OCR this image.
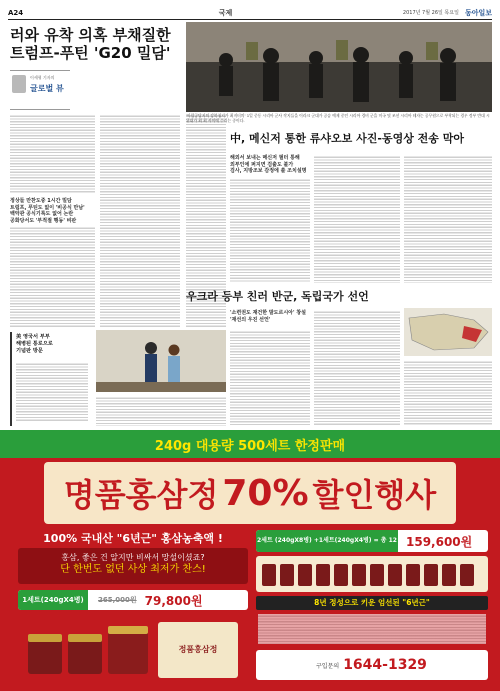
A24	국제	2017년 7월 26일 목요일 동아일보
러와 유착 의혹 부채질한
트럼프-푸틴 'G20 밀담'
이세형 기자의
글로벌 뷰
정상들 만찬도중 1시간 밀담
트럼프, 푸틴도 없이 '비공식 만남'
백악관 공식기록도 없어 논란
공화당서도 '부적절 행동' 비판
'아랍공당지의 강북청지가 최지터의' 1일 중동 시리아 군사 작지들을 이라크 군대가 공습 예제 중인 시리아 경비 군을 미국 및 조선 시리아 테자는 공무원으로 부착되는 경우 정부 반대 시위대가 최 최 사이에 수리는 중이다.
中, 메신저 통한 류샤오보 사진-동영상 전송 막아
해외서 보내는 메신저 필터 통해
외부인에 퍼지면 검출도 불가
검사, 지방조보 감정에 쏠 조치설명
우크라 등부 친러 반군, 독립국가 선언
'소련권도 재건한 말도르시아' 창설
'재선의 우진 선언'

美 영국서 부부
해병된 통로으로
기념판 방문
240g 대용량 500세트 한정판매
명품홍삼정 70% 할인행사
100% 국내산 "6년근" 홍삼농축액 !
홍삼, 좋은 건 알지만 비싸서 망설이셨죠?
단 한번도 없던 사상 최저가 찬스!
1세트(240gX4병)	265,000원 79,800원
정품홍삼정
2세트 (240gX8병) +1세트(240gX4병) = 총 12 159,600원
8년 정성으로 키운 엄선된 "6년근"
구입문의 1644-1329
